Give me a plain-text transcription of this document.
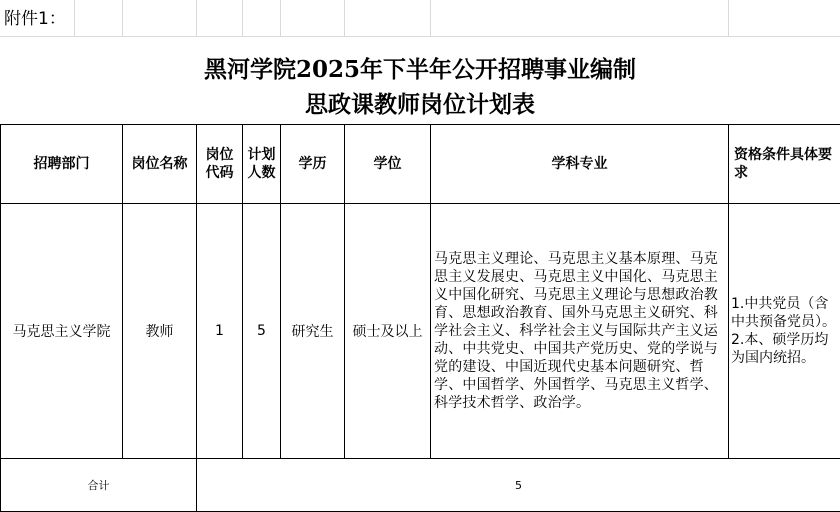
附件1：
黑河学院2025年下半年公开招聘事业编制
思政课教师岗位计划表
招聘部门	岗位名称	岗位代码	计划人数	学历	学位	学科专业	资格条件具体要求
马克思主义学院	教师	1	5	研究生	硕士及以上	马克思主义理论、马克思主义基本原理、马克思主义发展史、马克思主义中国化、马克思主义中国化研究、马克思主义理论与思想政治教育、思想政治教育、国外马克思主义研究、科学社会主义、科学社会主义与国际共产主义运动、中共党史、中国共产党历史、党的学说与党的建设、中国近现代史基本问题研究、哲学、中国哲学、外国哲学、马克思主义哲学、科学技术哲学、政治学。	1.中共党员（含中共预备党员）。
2.本、硕学历均为国内统招。

合计		5					
